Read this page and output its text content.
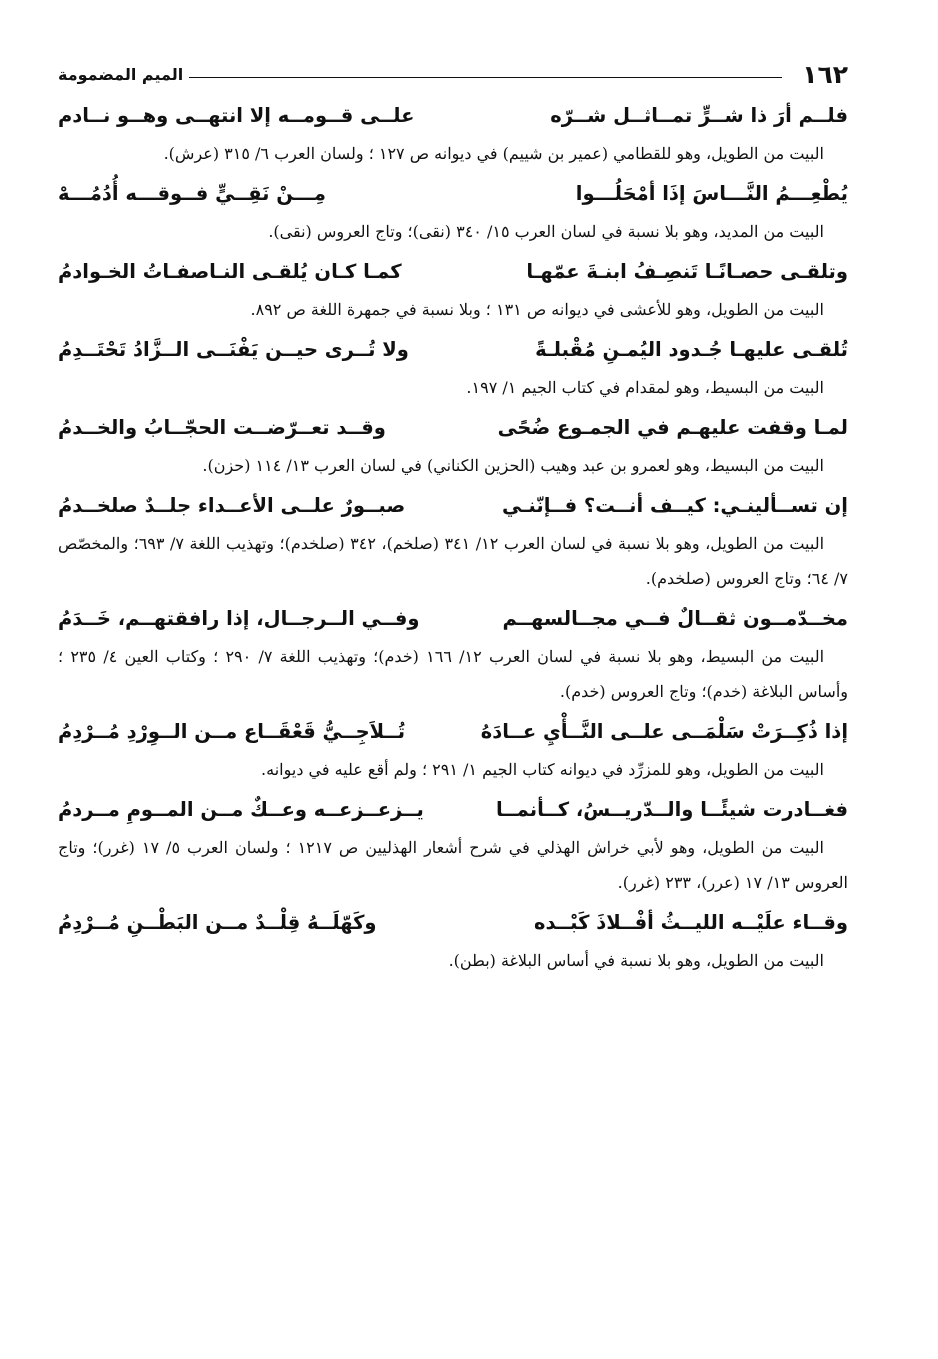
١٦٢
الميم المضمومة
فلــم أرَ ذا شــرٍّ تمــاثــل شــرّه
علــى قــومــه إلا انتهــى وهــو نــادم

البيت من الطويل، وهو للقطامي (عمير بن شييم) في ديوانه ص ١٢٧ ؛ ولسان العرب ٦/ ٣١٥ (عرش).

يُطْعِـــمُ النَّـــاسَ إذَا أمْحَلُـــوا
مِـــنْ نَقِــيٍّ فــوقـــه أُدُمُـــهْ

البيت من المديد، وهو بلا نسبة في لسان العرب ١٥/ ٣٤٠ (نقى)؛ وتاج العروس (نقى).

وتلقـى حصـانًـا تَنصِـفُ ابنـةَ عمّهـا
كمـا كـان يُلقـى النـاصفـاتُ الخـوادمُ

البيت من الطويل، وهو للأعشى في ديوانه ص ١٣١ ؛ وبلا نسبة في جمهرة اللغة ص ٨٩٢.

تُلقـى عليهـا جُـدود اليُمـنِ مُقْبلـةً
ولا تُــرى حيــن يَفْنَــى الــزَّادُ تَحْتَــدِمُ

البيت من البسيط، وهو لمقدام في كتاب الجيم ١/ ١٩٧.

لمـا وقفت عليهـم في الجمـوع ضُحًى
وقــد تعــرّضــت الحجّــابُ والخــدمُ

البيت من البسيط، وهو لعمرو بن عبد وهيب (الحزين الكناني) في لسان العرب ١٣/ ١١٤ (حزن).

إن تســألينـي: كيــف أنــت؟ فــإنّنـي
صبــورٌ علــى الأعــداء جلــدٌ صلخــدمُ

البيت من الطويل، وهو بلا نسبة في لسان العرب ١٢/ ٣٤١ (صلخم)، ٣٤٢ (صلخدم)؛ وتهذيب اللغة ٧/ ٦٩٣؛ والمخصّص ٧/ ٦٤؛ وتاج العروس (صلخدم).

مخــدّمــون ثقــالٌ فــي مجــالسهــم
وفــي الــرجــال، إذا رافقتهــم، خَــدَمُ

البيت من البسيط، وهو بلا نسبة في لسان العرب ١٢/ ١٦٦ (خدم)؛ وتهذيب اللغة ٧/ ٢٩٠ ؛ وكتاب العين ٤/ ٢٣٥ ؛ وأساس البلاغة (خدم)؛ وتاج العروس (خدم).

إذا ذُكِــرَتْ سَلْمَــى علــى النَّــأْيِ عــادَهُ
تُــلاَجِــيُّ قَعْقَــاع مــن الــوِرْدِ مُــرْدِمُ

البيت من الطويل، وهو للمزرِّد في ديوانه كتاب الجيم ١/ ٢٩١ ؛ ولم أقع عليه في ديوانه.

فغــادرت شيئًــا والــدّريــسُ، كــأنمــا
يــزعــزعــه وعــكٌ مــن المــومِ مــردمُ

البيت من الطويل، وهو لأبي خراش الهذلي في شرح أشعار الهذليين ص ١٢١٧ ؛ ولسان العرب ٥/ ١٧ (غرر)؛ وتاج العروس ١٣/ ١٧ (عرر)، ٢٣٣ (غرر).

وقــاء علَيْــه الليــثُ أفْــلاذَ كَبْــده
وكَهّلَــهُ قِلْــدٌ مــن البَطْــنِ مُــرْدِمُ

البيت من الطويل، وهو بلا نسبة في أساس البلاغة (بطن).
